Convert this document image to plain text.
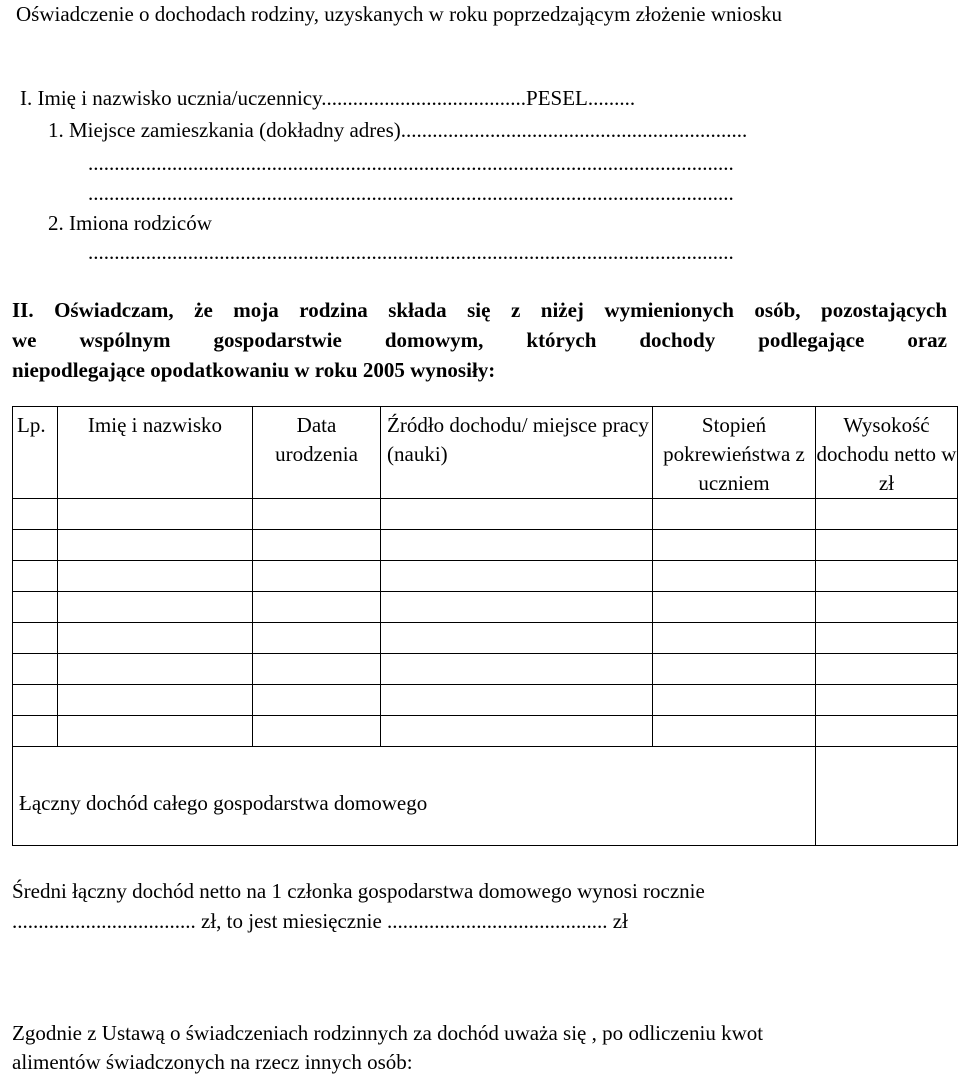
Oświadczenie o dochodach rodziny, uzyskanych w roku poprzedzającym złożenie wniosku
I. Imię i nazwisko ucznia/uczennicy.......................................PESEL.........
1. Miejsce zamieszkania (dokładny adres)..................................................................
...........................................................................................................................
...........................................................................................................................
2. Imiona rodziców
...........................................................................................................................
II. Oświadczam, że moja rodzina składa się z niżej wymienionych osób, pozostających
we wspólnym gospodarstwie domowym, których dochody podlegające oraz
niepodlegające opodatkowaniu w roku 2005 wynosiły:
Lp.	Imię i nazwisko	Data urodzenia	Źródło dochodu/ miejsce pracy (nauki)	Stopień pokrewieństwa z uczniem	Wysokość dochodu netto w zł

Łączny dochód całego gospodarstwa domowego					
Średni łączny dochód netto na 1 członka gospodarstwa domowego wynosi rocznie
................................... zł, to jest miesięcznie .......................................... zł
Zgodnie z Ustawą o świadczeniach rodzinnych za dochód uważa się , po odliczeniu kwot
alimentów świadczonych na rzecz innych osób:
